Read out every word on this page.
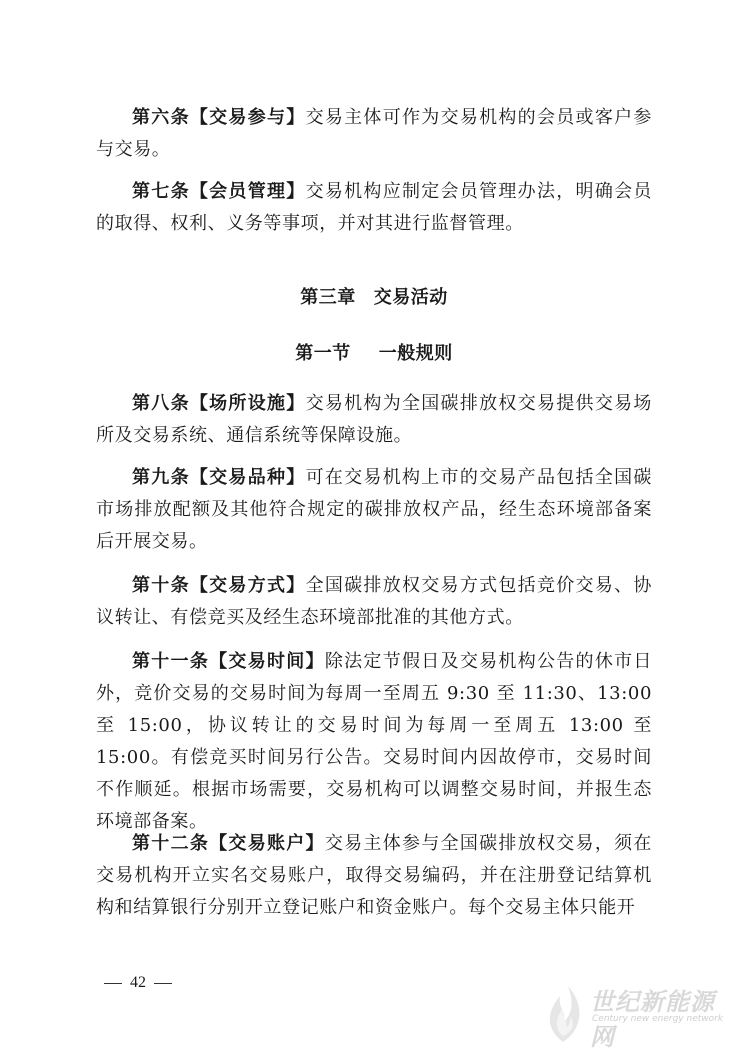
第六条【交易参与】交易主体可作为交易机构的会员或客户参与交易。

第七条【会员管理】交易机构应制定会员管理办法，明确会员的取得、权利、义务等事项，并对其进行监督管理。

第三章 交易活动
第一节 一般规则

第八条【场所设施】交易机构为全国碳排放权交易提供交易场所及交易系统、通信系统等保障设施。

第九条【交易品种】可在交易机构上市的交易产品包括全国碳市场排放配额及其他符合规定的碳排放权产品，经生态环境部备案后开展交易。

第十条【交易方式】全国碳排放权交易方式包括竞价交易、协议转让、有偿竞买及经生态环境部批准的其他方式。

第十一条【交易时间】除法定节假日及交易机构公告的休市日外，竞价交易的交易时间为每周一至周五 9:30 至 11:30、13:00 至 15:00，协议转让的交易时间为每周一至周五 13:00 至 15:00。有偿竞买时间另行公告。交易时间内因故停市，交易时间不作顺延。根据市场需要，交易机构可以调整交易时间，并报生态环境部备案。

第十二条【交易账户】交易主体参与全国碳排放权交易，须在交易机构开立实名交易账户，取得交易编码，并在注册登记结算机构和结算银行分别开立登记账户和资金账户。每个交易主体只能开

42
世纪新能源网
Century new energy network
